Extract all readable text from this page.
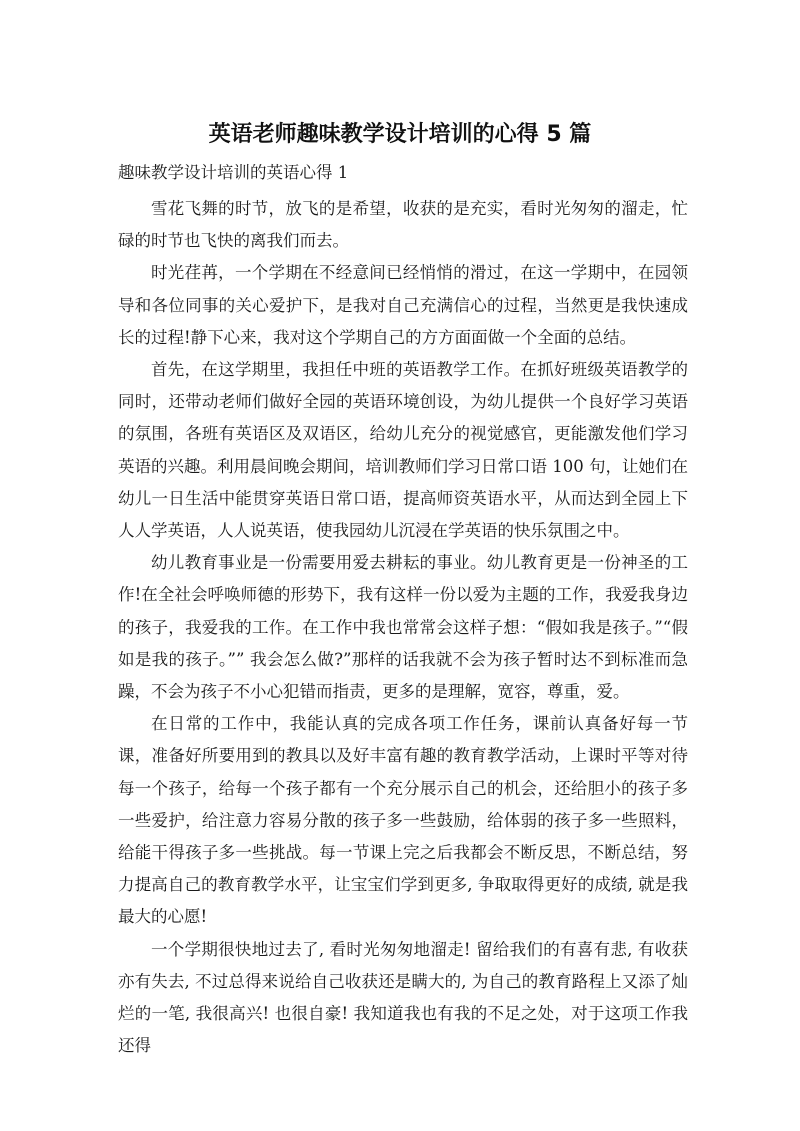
英语老师趣味教学设计培训的心得 5 篇

趣味教学设计培训的英语心得 1

雪花飞舞的时节，放飞的是希望，收获的是充实，看时光匆匆的溜走，忙碌的时节也飞快的离我们而去。

时光荏苒，一个学期在不经意间已经悄悄的滑过，在这一学期中，在园领导和各位同事的关心爱护下，是我对自己充满信心的过程，当然更是我快速成长的过程!静下心来，我对这个学期自己的方方面面做一个全面的总结。

首先，在这学期里，我担任中班的英语教学工作。在抓好班级英语教学的同时，还带动老师们做好全园的英语环境创设，为幼儿提供一个良好学习英语的氛围，各班有英语区及双语区，给幼儿充分的视觉感官，更能激发他们学习英语的兴趣。利用晨间晚会期间，培训教师们学习日常口语 100 句，让她们在幼儿一日生活中能贯穿英语日常口语，提高师资英语水平，从而达到全园上下人人学英语，人人说英语，使我园幼儿沉浸在学英语的快乐氛围之中。

幼儿教育事业是一份需要用爱去耕耘的事业。幼儿教育更是一份神圣的工作!在全社会呼唤师德的形势下，我有这样一份以爱为主题的工作，我爱我身边的孩子，我爱我的工作。在工作中我也常常会这样子想：“假如我是孩子。”“假如是我的孩子。”” 我会怎么做?”那样的话我就不会为孩子暂时达不到标准而急躁，不会为孩子不小心犯错而指责，更多的是理解，宽容，尊重，爱。

在日常的工作中，我能认真的完成各项工作任务，课前认真备好每一节课，准备好所要用到的教具以及好丰富有趣的教育教学活动，上课时平等对待每一个孩子，给每一个孩子都有一个充分展示自己的机会，还给胆小的孩子多一些爱护，给注意力容易分散的孩子多一些鼓励，给体弱的孩子多一些照料，给能干得孩子多一些挑战。每一节课上完之后我都会不断反思，不断总结，努力提高自己的教育教学水平，让宝宝们学到更多, 争取取得更好的成绩, 就是我最大的心愿!

一个学期很快地过去了, 看时光匆匆地溜走! 留给我们的有喜有悲, 有收获亦有失去, 不过总得来说给自己收获还是瞒大的, 为自己的教育路程上又添了灿烂的一笔, 我很高兴! 也很自豪! 我知道我也有我的不足之处，对于这项工作我还得
